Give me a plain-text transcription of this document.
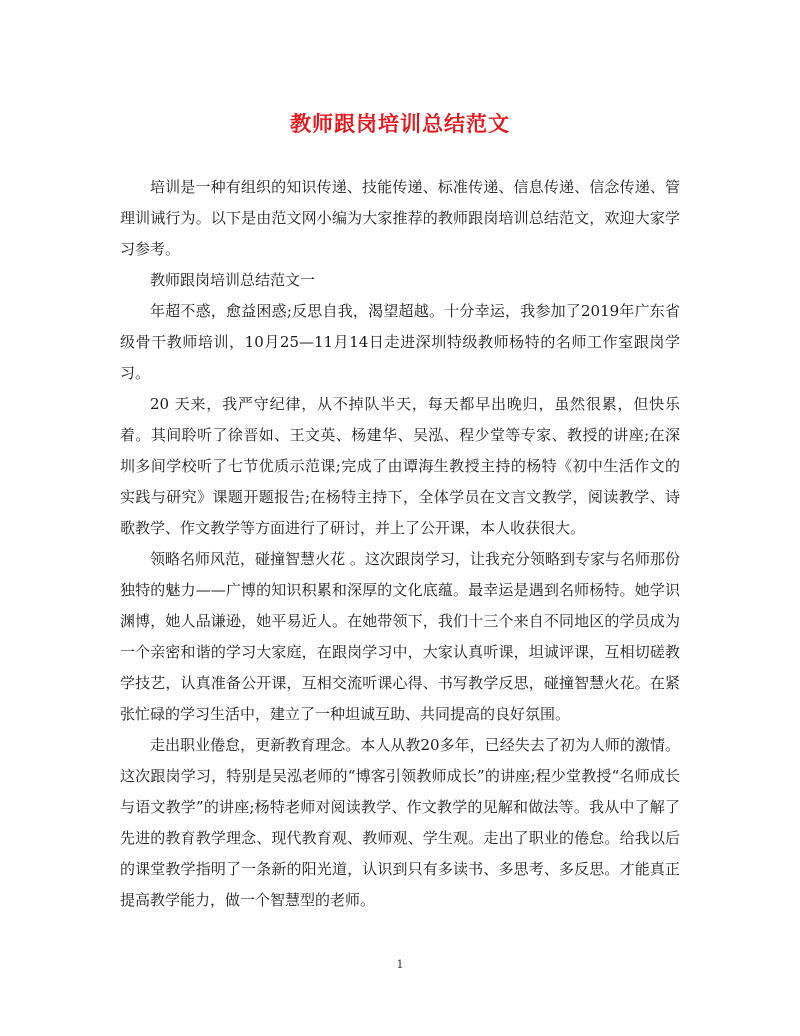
教师跟岗培训总结范文

培训是一种有组织的知识传递、技能传递、标准传递、信息传递、信念传递、管理训诫行为。以下是由范文网小编为大家推荐的教师跟岗培训总结范文，欢迎大家学习参考。

教师跟岗培训总结范文一

年超不惑，愈益困惑;反思自我，渴望超越。十分幸运，我参加了2019年广东省级骨干教师培训，10月25—11月14日走进深圳特级教师杨特的名师工作室跟岗学习。

20 天来，我严守纪律，从不掉队半天，每天都早出晚归，虽然很累，但快乐着。其间聆听了徐晋如、王文英、杨建华、吴泓、程少堂等专家、教授的讲座;在深圳多间学校听了七节优质示范课;完成了由谭海生教授主持的杨特《初中生活作文的实践与研究》课题开题报告;在杨特主持下，全体学员在文言文教学，阅读教学、诗歌教学、作文教学等方面进行了研讨，并上了公开课，本人收获很大。

领略名师风范，碰撞智慧火花 。这次跟岗学习，让我充分领略到专家与名师那份独特的魅力——广博的知识积累和深厚的文化底蕴。最幸运是遇到名师杨特。她学识渊博，她人品谦逊，她平易近人。在她带领下，我们十三个来自不同地区的学员成为一个亲密和谐的学习大家庭，在跟岗学习中，大家认真听课，坦诚评课，互相切磋教学技艺，认真准备公开课，互相交流听课心得、书写教学反思，碰撞智慧火花。在紧张忙碌的学习生活中，建立了一种坦诚互助、共同提高的良好氛围。

走出职业倦怠，更新教育理念。本人从教20多年，已经失去了初为人师的激情。这次跟岗学习，特别是吴泓老师的“博客引领教师成长”的讲座;程少堂教授“名师成长与语文教学”的讲座;杨特老师对阅读教学、作文教学的见解和做法等。我从中了解了先进的教育教学理念、现代教育观、教师观、学生观。走出了职业的倦怠。给我以后的课堂教学指明了一条新的阳光道，认识到只有多读书、多思考、多反思。才能真正提高教学能力，做一个智慧型的老师。

1
